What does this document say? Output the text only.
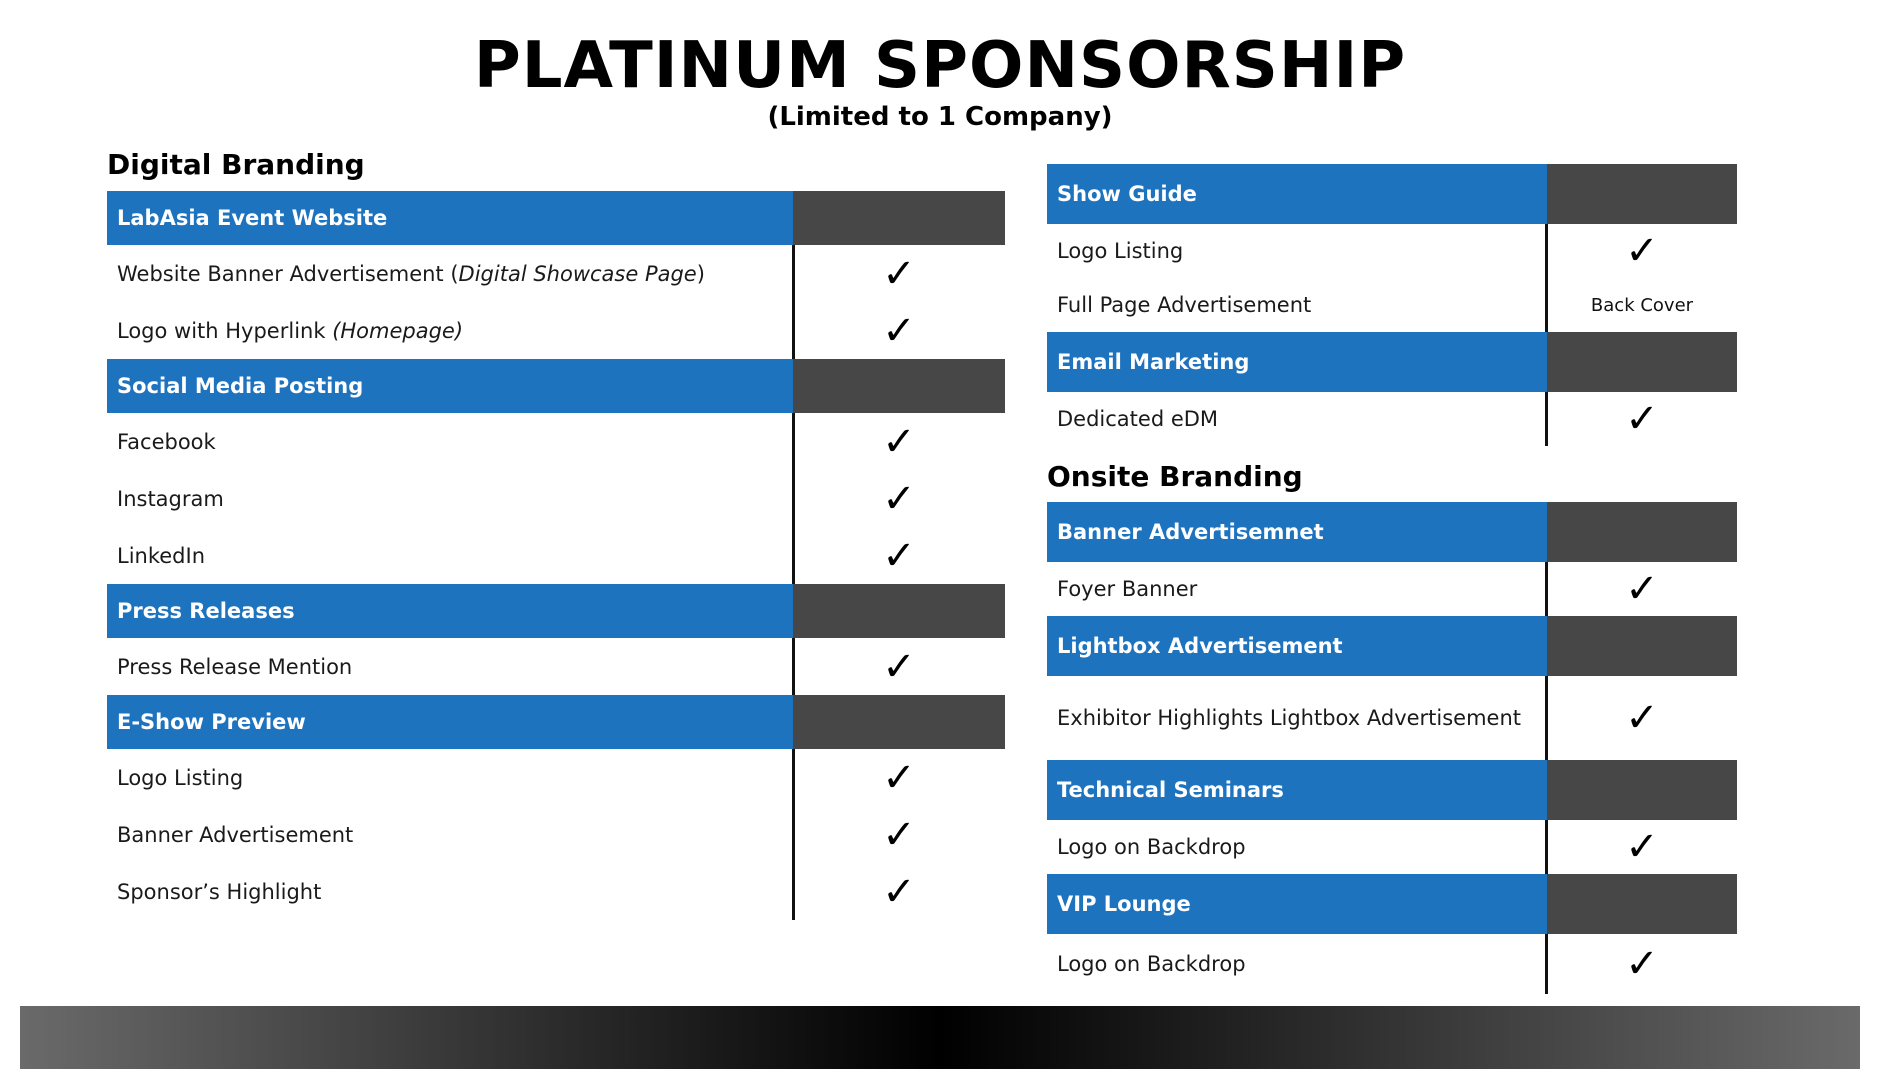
PLATINUM SPONSORSHIP
(Limited to 1 Company)
Digital Branding
LabAsia Event Website
Website Banner Advertisement (Digital Showcase Page)	✓
Logo with Hyperlink (Homepage)	✓
Social Media Posting
Facebook	✓
Instagram	✓
LinkedIn	✓
Press Releases
Press Release Mention	✓
E-Show Preview
Logo Listing	✓
Banner Advertisement	✓
Sponsor’s Highlight	✓
Show Guide
Logo Listing	✓
Full Page Advertisement	Back Cover
Email Marketing
Dedicated eDM	✓
Onsite Branding
Banner Advertisemnet
Foyer Banner	✓
Lightbox Advertisement
Exhibitor Highlights Lightbox Advertisement	✓
Technical Seminars
Logo on Backdrop	✓
VIP Lounge
Logo on Backdrop	✓
